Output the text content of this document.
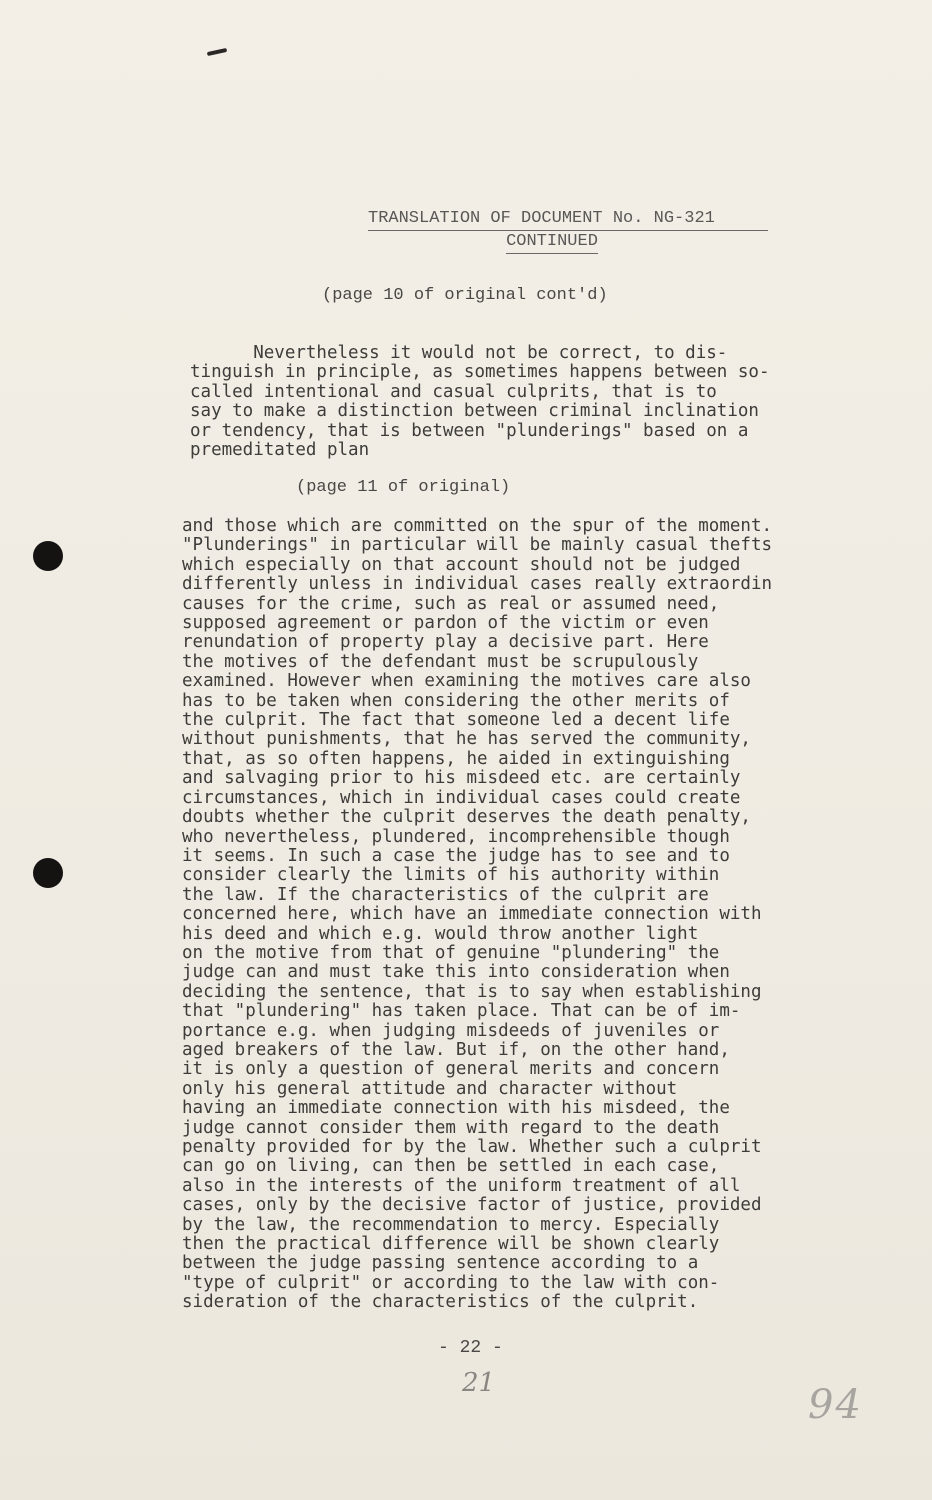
TRANSLATION OF DOCUMENT No. NG-321
CONTINUED
(page 10 of original cont'd)
Nevertheless it would not be correct, to dis-
tinguish in principle, as sometimes happens between so-
called intentional and casual culprits, that is to
say to make a distinction between criminal inclination
or tendency, that is between "plunderings" based on a
premeditated plan
(page 11 of original)
and those which are committed on the spur of the moment.
"Plunderings" in particular will be mainly casual thefts
which especially on that account should not be judged
differently unless in individual cases really extraordin
causes for the crime, such as real or assumed need,
supposed agreement or pardon of the victim or even
renundation of property play a decisive part. Here
the motives of the defendant must be scrupulously
examined. However when examining the motives care also
has to be taken when considering the other merits of
the culprit. The fact that someone led a decent life
without punishments, that he has served the community,
that, as so often happens, he aided in extinguishing
and salvaging prior to his misdeed etc. are certainly
circumstances, which in individual cases could create
doubts whether the culprit deserves the death penalty,
who nevertheless, plundered, incomprehensible though
it seems. In such a case the judge has to see and to
consider clearly the limits of his authority within
the law. If the characteristics of the culprit are
concerned here, which have an immediate connection with
his deed and which e.g. would throw another light
on the motive from that of genuine "plundering" the
judge can and must take this into consideration when
deciding the sentence, that is to say when establishing
that "plundering" has taken place. That can be of im-
portance e.g. when judging misdeeds of juveniles or
aged breakers of the law. But if, on the other hand,
it is only a question of general merits and concern
only his general attitude and character without
having an immediate connection with his misdeed, the
judge cannot consider them with regard to the death
penalty provided for by the law. Whether such a culprit
can go on living, can then be settled in each case,
also in the interests of the uniform treatment of all
cases, only by the decisive factor of justice, provided
by the law, the recommendation to mercy. Especially
then the practical difference will be shown clearly
between the judge passing sentence according to a
"type of culprit" or according to the law with con-
sideration of the characteristics of the culprit.
- 22 -
21	94
